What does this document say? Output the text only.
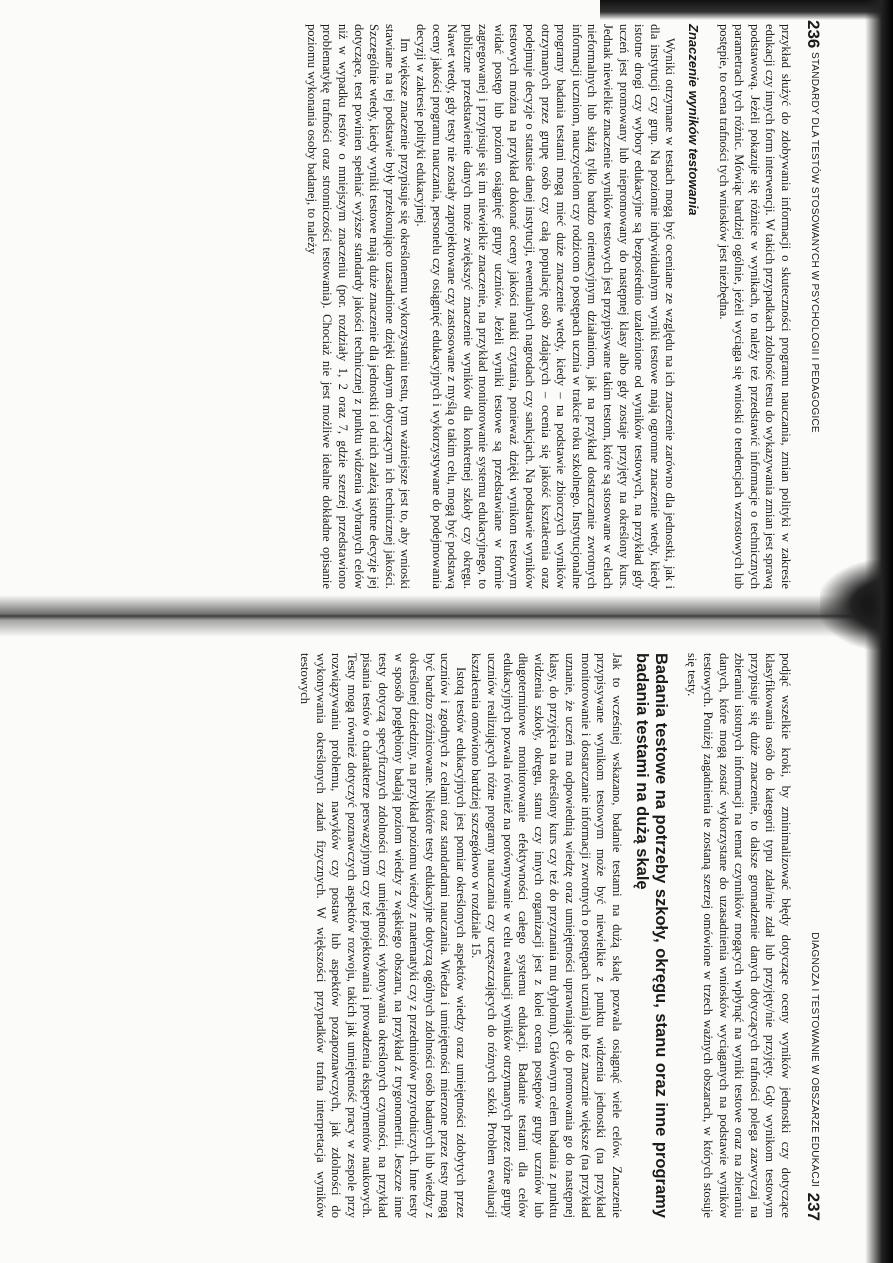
236
STANDARDY DLA TESTÓW STOSOWANYCH W PSYCHOLOGII I PEDAGOGICE

przykład służyć do zdobywania informacji o skuteczności programu nauczania, zmian polityki w zakresie edukacji czy innych form interwencji. W takich przypadkach zdolność testu do wykazywania zmian jest sprawą podstawową. Jeżeli pokazuje się różnice w wynikach, to należy też przedstawić informacje o technicznych parametrach tych różnic. Mówiąc bardziej ogólnie, jeżeli wyciąga się wnioski o tendencjach wzrostowych lub postępie, to ocena trafności tych wniosków jest niezbędna.

Znaczenie wyników testowania

Wyniki otrzymane w testach mogą być oceniane ze względu na ich znaczenie zarówno dla jednostki, jak i dla instytucji czy grup. Na poziomie indywidualnym wyniki testowe mają ogromne znaczenie wtedy, kiedy istotne drogi czy wybory edukacyjne są bezpośrednio uzależnione od wyników testowych, na przykład gdy uczeń jest promowany lub niepromowany do następnej klasy albo gdy zostaje przyjęty na określony kurs. Jednak niewielkie znaczenie wyników testowych jest przypisywane takim testom, które są stosowane w celach nieformalnych lub służą tylko bardzo orientacyjnym działaniom, jak na przykład dostarczanie zwrotnych informacji uczniom, nauczycielom czy rodzicom o postępach ucznia w trakcie roku szkolnego. Instytucjonalne programy badania testami mogą mieć duże znaczenie wtedy, kiedy – na podstawie zbiorczych wyników otrzymanych przez grupę osób czy całą populację osób zdających – ocenia się jakość kształcenia oraz podejmuje decyzje o statusie danej instytucji, ewentualnych nagrodach czy sankcjach. Na podstawie wyników testowych można na przykład dokonać oceny jakości nauki czytania, ponieważ dzięki wynikom testowym widać postęp lub poziom osiągnięć grupy uczniów. Jeżeli wyniki testowe są przedstawiane w formie zagregowanej i przypisuje się im niewielkie znaczenie, na przykład monitorowanie systemu edukacyjnego, to publiczne przedstawienie danych może zwiększyć znaczenie wyników dla konkretnej szkoły czy okręgu. Nawet wtedy, gdy testy nie zostały zaprojektowane czy zastosowane z myślą o takim celu, mogą być podstawą oceny jakości programu nauczania, personelu czy osiągnięć edukacyjnych i wykorzystywane do podejmowania decyzji w zakresie polityki edukacyjnej.

Im większe znaczenie przypisuje się określonemu wykorzystaniu testu, tym ważniejsze jest to, aby wnioski stawiane na tej podstawie były przekonująco uzasadnione dzięki danym dotyczącym ich technicznej jakości. Szczególnie wtedy, kiedy wyniki testowe mają duże znaczenie dla jednostki i od nich zależą istotne decyzje jej dotyczące, test powinien spełniać wyższe standardy jakości technicznej z punktu widzenia wybranych celów niż w wypadku testów o mniejszym znaczeniu (por. rozdziały 1, 2 oraz 7, gdzie szerzej przedstawiono problematykę trafności oraz stronniczości testowania). Chociaż nie jest możliwe idealne dokładne opisanie poziomu wykonania osoby badanej, to należy

DIAGNOZA I TESTOWANIE W OBSZARZE EDUKACJI
237

podjąć wszelkie kroki, by zminimalizować błędy dotyczące oceny wyników jednostki czy dotyczące klasyfikowania osób do kategorii typu zdał/nie zdał lub przyjęty/nie przyjęty. Gdy wynikom testowym przypisuje się duże znaczenie, to dalsze gromadzenie danych dotyczących trafności polega zazwyczaj na zbieraniu istotnych informacji na temat czynników mogących wpłynąć na wyniki testowe oraz na zbieraniu danych, które mogą zostać wykorzystane do uzasadnienia wniosków wyciąganych na podstawie wyników testowych. Poniżej zagadnienia te zostaną szerzej omówione w trzech ważnych obszarach, w których stosuje się testy.

Badania testowe na potrzeby szkoły, okręgu, stanu oraz inne programy badania testami na dużą skalę

Jak to wcześniej wskazano, badanie testami na dużą skalę pozwala osiągnąć wiele celów. Znaczenie przypisywane wynikom testowym może być niewielkie z punktu widzenia jednostki (na przykład monitorowanie i dostarczanie informacji zwrotnych o postępach ucznia) lub też znacznie większe (na przykład uznanie, że uczeń ma odpowiednią wiedzę oraz umiejętności uprawniające do promowania go do następnej klasy, do przyjęcia na określony kurs czy też do przyznania mu dyplomu). Głównym celem badania z punktu widzenia szkoły, okręgu, stanu czy innych organizacji jest z kolei ocena postępów grupy uczniów lub długoterminowe monitorowanie efektywności całego systemu edukacji. Badanie testami dla celów edukacyjnych pozwala również na porównywanie w celu ewaluacji wyników otrzymanych przez różne grupy uczniów realizujących różne programy nauczania czy uczęszczających do różnych szkół. Problem ewaluacji kształcenia omówiono bardziej szczegółowo w rozdziale 15.

Istotą testów edukacyjnych jest pomiar określonych aspektów wiedzy oraz umiejętności zdobytych przez uczniów i zgodnych z celami oraz standardami nauczania. Wiedza i umiejętności mierzone przez testy mogą być bardzo zróżnicowane. Niektóre testy edukacyjne dotyczą ogólnych zdolności osób badanych lub wiedzy z określonej dziedziny, na przykład poziomu wiedzy z matematyki czy z przedmiotów przyrodniczych. Inne testy w sposób pogłębiony badają poziom wiedzy z wąskiego obszaru, na przykład z trygonometrii. Jeszcze inne testy dotyczą specyficznych zdolności czy umiejętności wykonywania określonych czynności, na przykład pisania testów o charakterze perswazyjnym czy też projektowania i prowadzenia eksperymentów naukowych. Testy mogą również dotyczyć poznawczych aspektów rozwoju, takich jak umiejętność pracy w zespole przy rozwiązywaniu problemu, nawyków czy postaw lub aspektów pozapoznawczych, jak zdolności do wykonywania określonych zadań fizycznych. W większości przypadków trafna interpretacja wyników testowych
